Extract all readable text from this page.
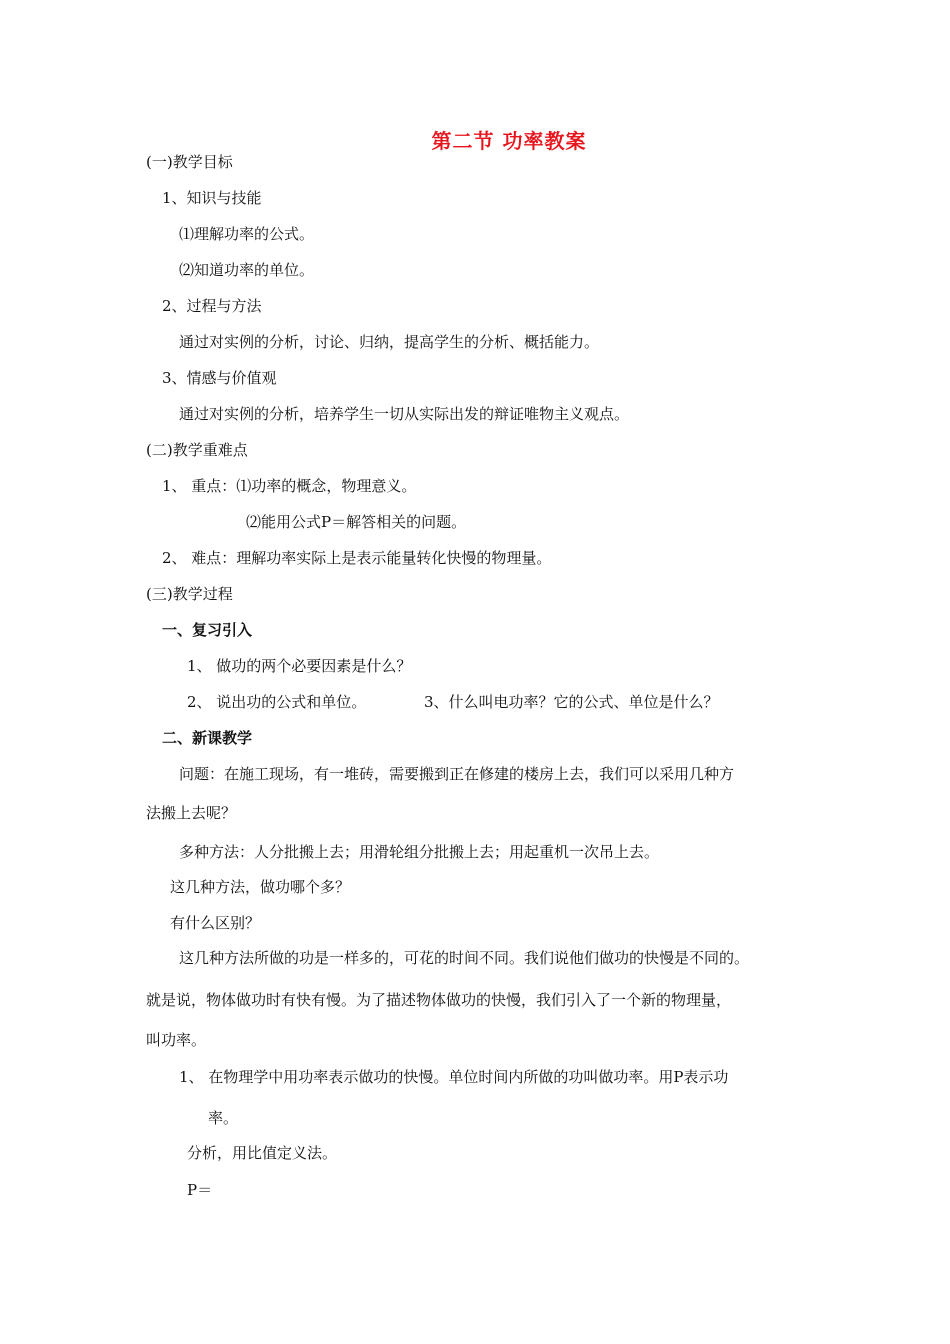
第二节 功率教案
(一)教学目标
1、知识与技能
⑴理解功率的公式。
⑵知道功率的单位。
2、过程与方法
通过对实例的分析，讨论、归纳，提高学生的分析、概括能力。
3、情感与价值观
通过对实例的分析，培养学生一切从实际出发的辩证唯物主义观点。
(二)教学重难点
1、 重点：⑴功率的概念，物理意义。
⑵能用公式P＝解答相关的问题。
2、 难点：理解功率实际上是表示能量转化快慢的物理量。
(三)教学过程
一、复习引入
1、 做功的两个必要因素是什么？
2、 说出功的公式和单位。	3、什么叫电功率？它的公式、单位是什么？
二、新课教学
问题：在施工现场，有一堆砖，需要搬到正在修建的楼房上去，我们可以采用几种方
法搬上去呢？
多种方法：人分批搬上去；用滑轮组分批搬上去；用起重机一次吊上去。
这几种方法，做功哪个多？
有什么区别？
这几种方法所做的功是一样多的，可花的时间不同。我们说他们做功的快慢是不同的。
就是说，物体做功时有快有慢。为了描述物体做功的快慢，我们引入了一个新的物理量，
叫功率。
1、 在物理学中用功率表示做功的快慢。单位时间内所做的功叫做功率。用P表示功
率。
分析，用比值定义法。
P＝
